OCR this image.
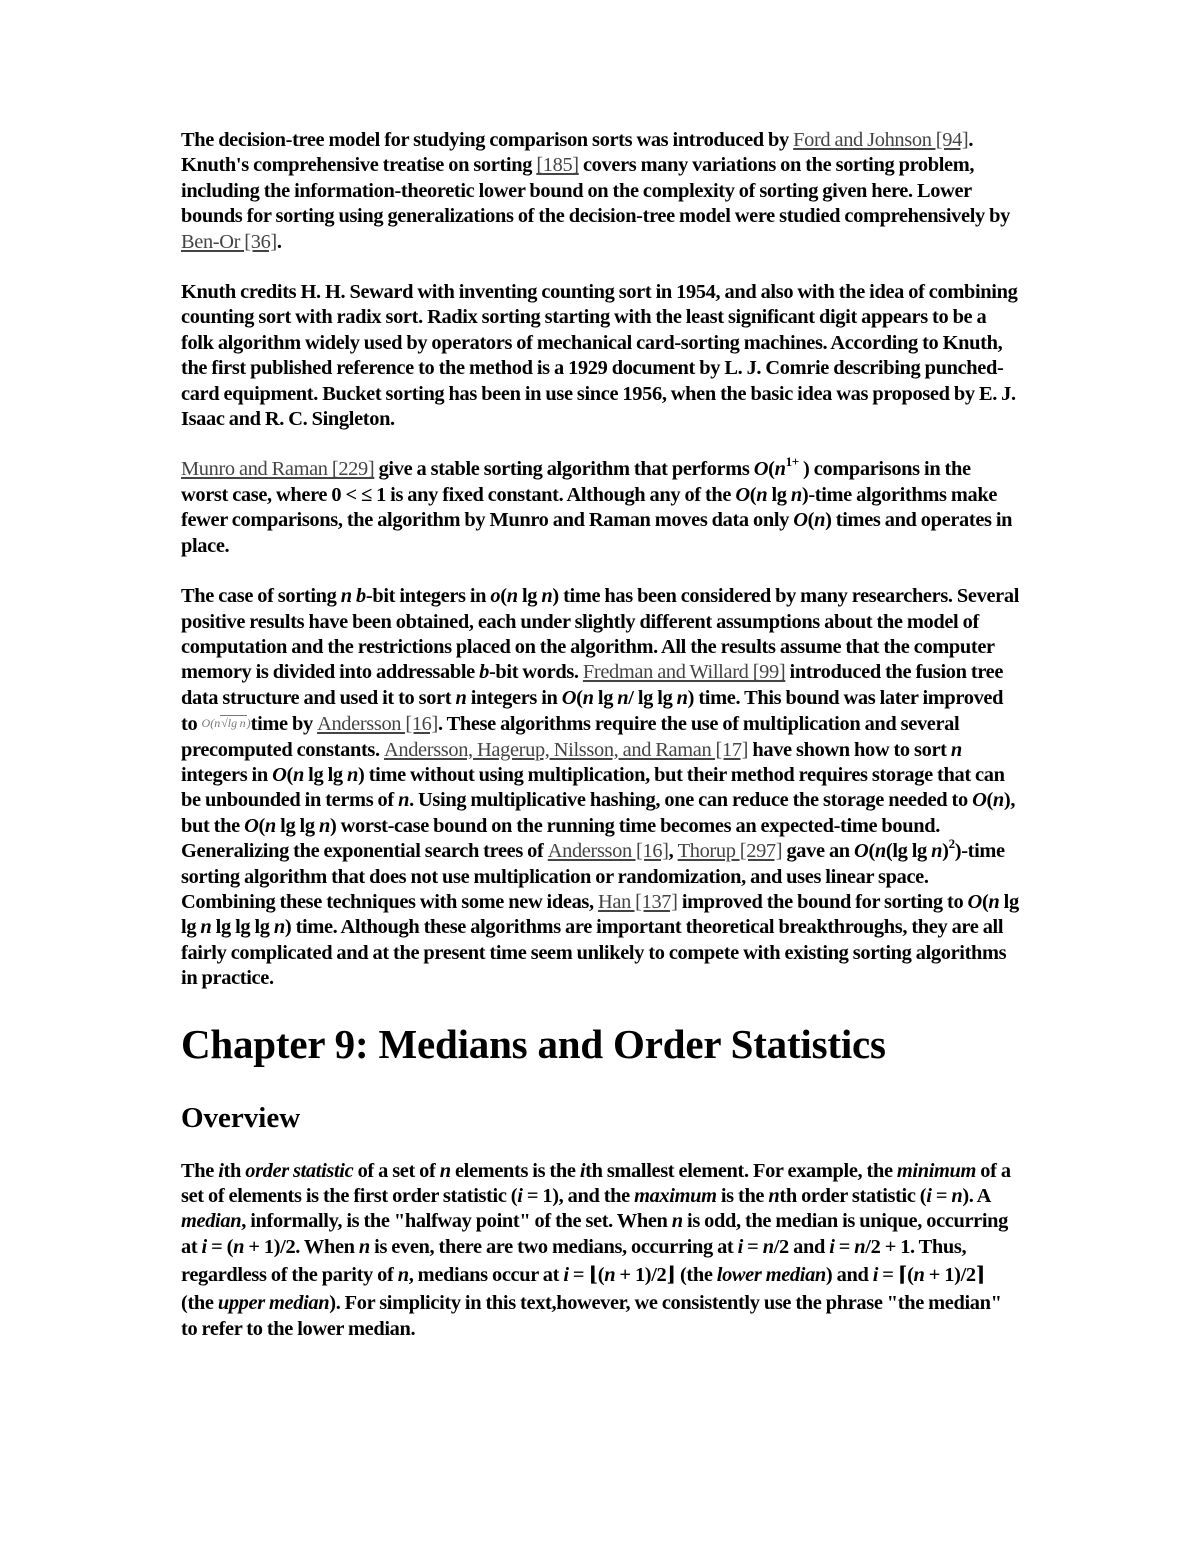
The decision-tree model for studying comparison sorts was introduced by Ford and Johnson [94]. Knuth's comprehensive treatise on sorting [185] covers many variations on the sorting problem, including the information-theoretic lower bound on the complexity of sorting given here. Lower bounds for sorting using generalizations of the decision-tree model were studied comprehensively by Ben-Or [36].

Knuth credits H. H. Seward with inventing counting sort in 1954, and also with the idea of combining counting sort with radix sort. Radix sorting starting with the least significant digit appears to be a folk algorithm widely used by operators of mechanical card-sorting machines. According to Knuth, the first published reference to the method is a 1929 document by L. J. Comrie describing punched-card equipment. Bucket sorting has been in use since 1956, when the basic idea was proposed by E. J. Isaac and R. C. Singleton.

Munro and Raman [229] give a stable sorting algorithm that performs $O(n^{1+}$ ) comparisons in the worst case, where 0 < ≤ 1 is any fixed constant. Although any of the O(n lg n)-time algorithms make fewer comparisons, the algorithm by Munro and Raman moves data only O(n) times and operates in place.

The case of sorting n b-bit integers in o(n lg n) time has been considered by many researchers. Several positive results have been obtained, each under slightly different assumptions about the model of computation and the restrictions placed on the algorithm. All the results assume that the computer memory is divided into addressable b-bit words. Fredman and Willard [99] introduced the fusion tree data structure and used it to sort n integers in O(n lg n/ lg lg n) time. This bound was later improved to O(n√lg n)time by Andersson [16]. These algorithms require the use of multiplication and several precomputed constants. Andersson, Hagerup, Nilsson, and Raman [17] have shown how to sort n integers in O(n lg lg n) time without using multiplication, but their method requires storage that can be unbounded in terms of n. Using multiplicative hashing, one can reduce the storage needed to O(n), but the O(n lg lg n) worst-case bound on the running time becomes an expected-time bound. Generalizing the exponential search trees of Andersson [16], Thorup [297] gave an O(n(lg lg n)$^2$)-time sorting algorithm that does not use multiplication or randomization, and uses linear space. Combining these techniques with some new ideas, Han [137] improved the bound for sorting to O(n lg lg n lg lg lg n) time. Although these algorithms are important theoretical breakthroughs, they are all fairly complicated and at the present time seem unlikely to compete with existing sorting algorithms in practice.

Chapter 9: Medians and Order Statistics
Overview

The ith order statistic of a set of n elements is the ith smallest element. For example, the minimum of a set of elements is the first order statistic (i = 1), and the maximum is the nth order statistic (i = n). A median, informally, is the "halfway point" of the set. When n is odd, the median is unique, occurring at i = (n + 1)/2. When n is even, there are two medians, occurring at i = n/2 and i = n/2 + 1. Thus, regardless of the parity of n, medians occur at i = ⌊(n + 1)/2⌋ (the lower median) and i = ⌈(n + 1)/2⌉ (the upper median). For simplicity in this text,however, we consistently use the phrase "the median" to refer to the lower median.
